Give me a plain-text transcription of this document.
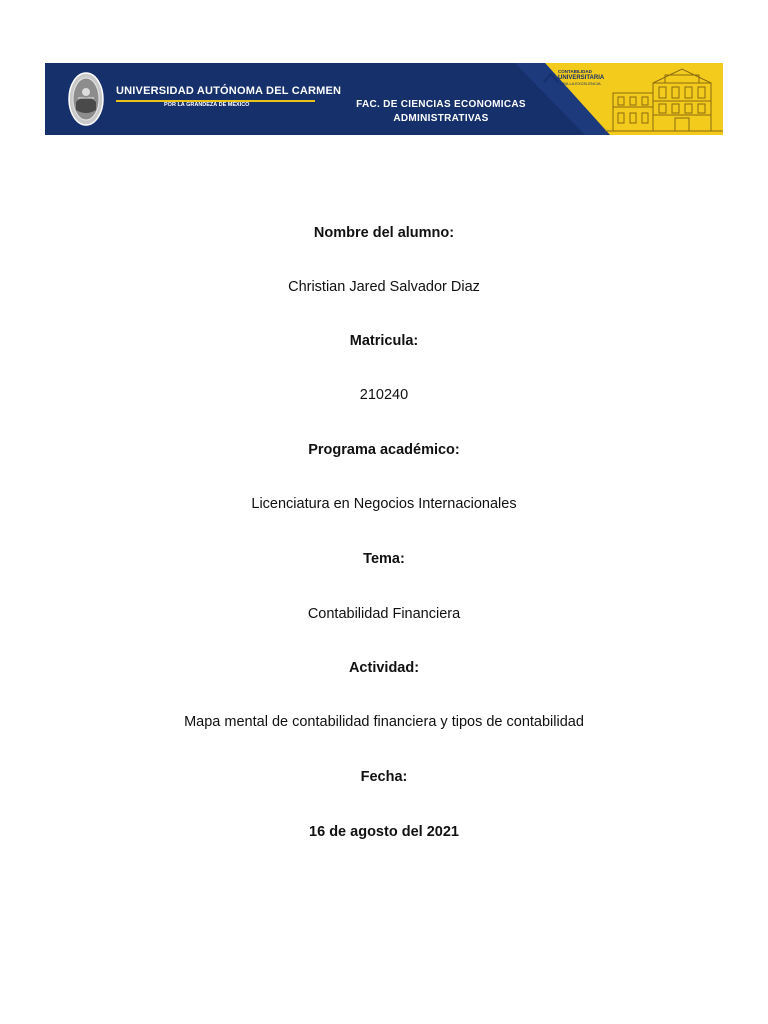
UNIVERSIDAD AUTÓNOMA DEL CARMEN
POR LA GRANDEZA DE MÉXICO	FAC. DE CIENCIAS ECONOMICAS
ADMINISTRATIVAS
CONTABILIDAD
UNIVERSITARIA
PARA LA EXCELENCIA
Nombre del alumno:
Christian Jared Salvador Diaz
Matricula:
210240
Programa académico:
Licenciatura en Negocios Internacionales
Tema:
Contabilidad Financiera
Actividad:
Mapa mental de contabilidad financiera y tipos de contabilidad
Fecha:
16 de agosto del 2021
